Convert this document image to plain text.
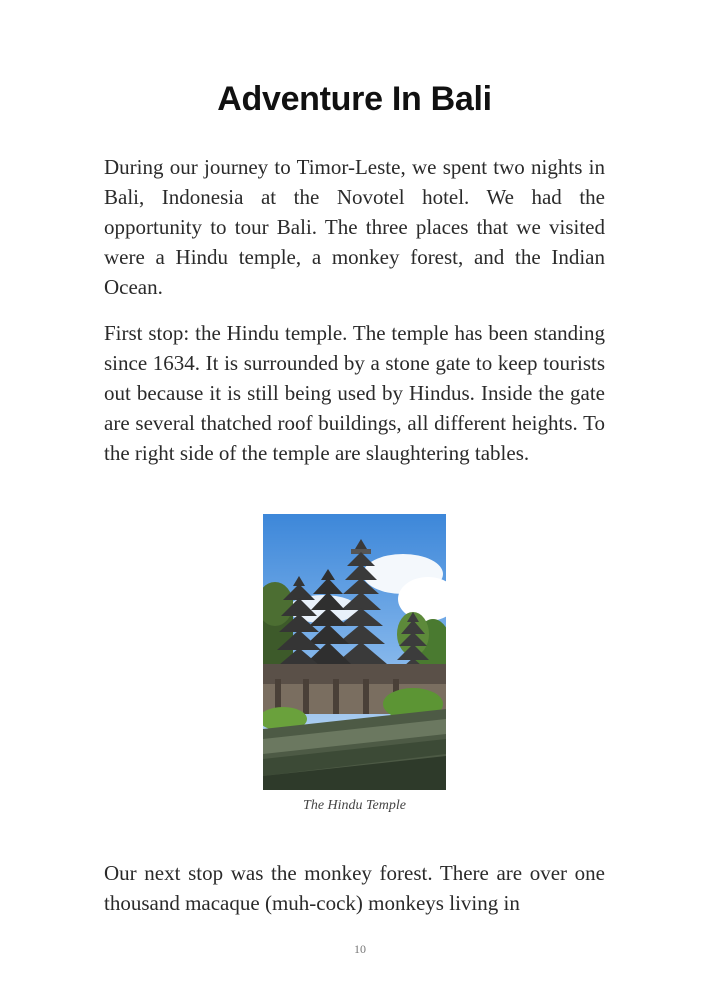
Adventure In Bali

During our journey to Timor-Leste, we spent two nights in Bali, Indonesia at the Novotel hotel. We had the opportunity to tour Bali. The three places that we visited were a Hindu temple, a monkey forest, and the Indian Ocean.

First stop: the Hindu temple. The temple has been standing since 1634. It is surrounded by a stone gate to keep tourists out because it is still being used by Hindus. Inside the gate are several thatched roof buildings, all different heights. To the right side of the temple are slaughtering tables.

The Hindu Temple

Our next stop was the monkey forest. There are over one thousand macaque (muh-cock) monkeys living in

10
